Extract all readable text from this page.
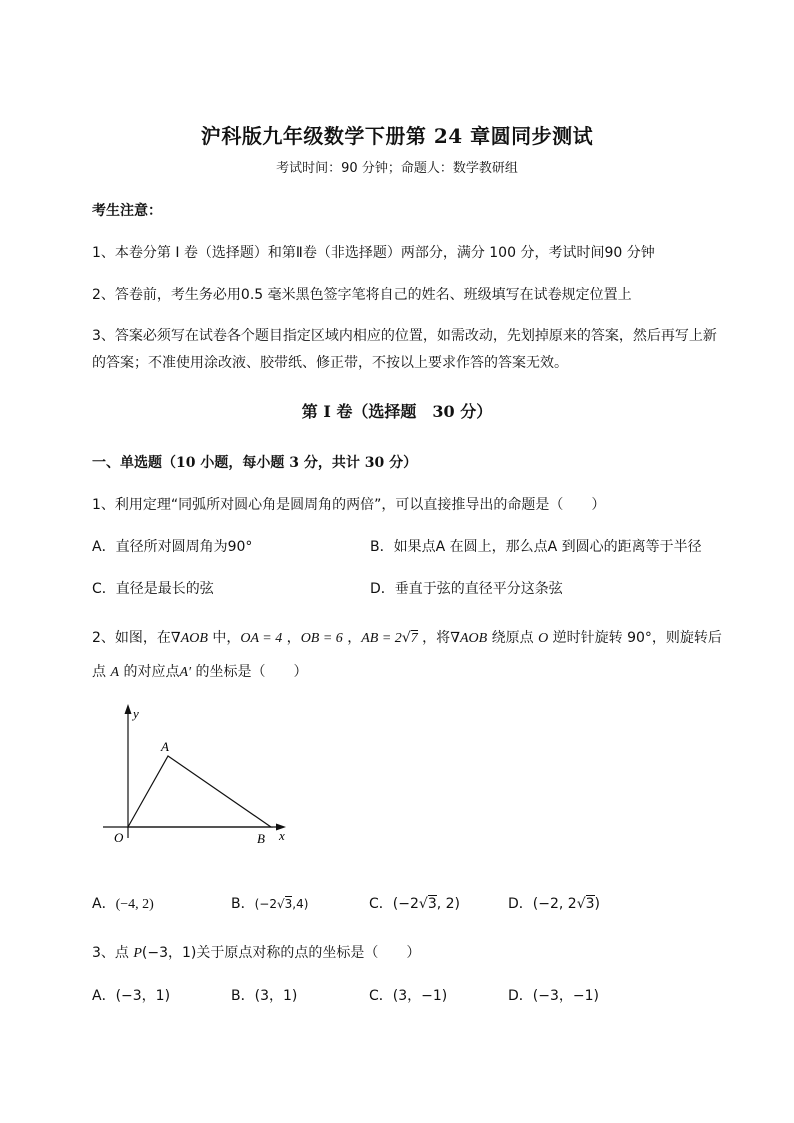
沪科版九年级数学下册第 24 章圆同步测试
考试时间：90 分钟；命题人：数学教研组
考生注意：
1、本卷分第 I 卷（选择题）和第Ⅱ卷（非选择题）两部分，满分 100 分，考试时间90 分钟
2、答卷前，考生务必用0.5 毫米黑色签字笔将自己的姓名、班级填写在试卷规定位置上
3、答案必须写在试卷各个题目指定区域内相应的位置，如需改动，先划掉原来的答案，然后再写上新
的答案；不准使用涂改液、胶带纸、修正带，不按以上要求作答的答案无效。
第 I 卷（选择题　30 分）
一、单选题（10 小题，每小题 3 分，共计 30 分）
1、利用定理“同弧所对圆心角是圆周角的两倍”，可以直接推导出的命题是（　　）
A．直径所对圆周角为90°	B．如果点A 在圆上，那么点A 到圆心的距离等于半径
C．直径是最长的弦	D．垂直于弦的直径平分这条弦
2、如图，在∇AOB 中，OA = 4 ，OB = 6 ，AB = 2√7 ，将∇AOB 绕原点 O 逆时针旋转 90°，则旋转后
点 A 的对应点A′ 的坐标是（　　）
y
x
A
O	B
A．(−4, 2)	B．(−2√3,4)	C．(−2√3, 2)	D．(−2, 2√3)
3、点 P(−3，1)关于原点对称的点的坐标是（　　）
A．(−3，1)	B．(3，1)	C．(3，−1)	D．(−3，−1)
